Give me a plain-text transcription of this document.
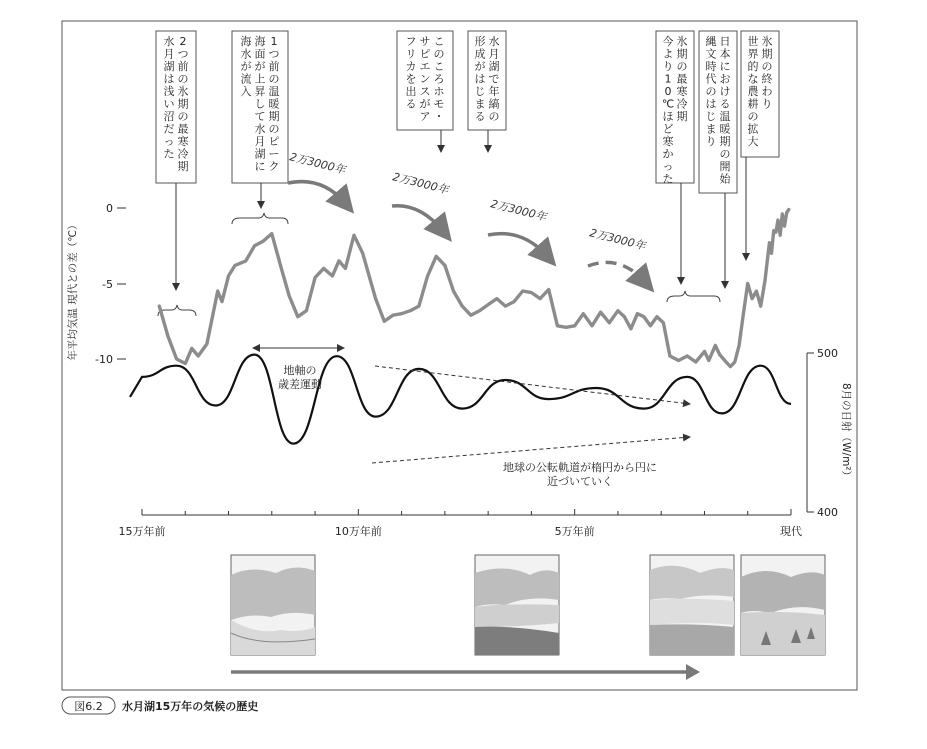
2 つ前の氷期の最寒冷期水月湖は浅い沼だった
1 つ前の温暖期のピーク海面が上昇して水月湖に海水が流入
このころホモ・サピエンスがアフリカを出る
水月湖で年縞の形成がはじまる
氷期の最寒冷期今より 1 0 ℃ほど寒かった
日本における温暖期の開始縄文時代のはじまり
氷期の終わり世界的な農耕の拡大
2万3000年
2万3000年
2万3000年
2万3000年
0
-5
-10
年平均気温 現代との差（℃）	500
400
8月の日射（W/m²）
地軸の歳差運動
地球の公転軌道が楕円から円に近づいていく
15万年前	10万年前	5万年前	現代
図6.2 水月湖15万年の気候の歴史
